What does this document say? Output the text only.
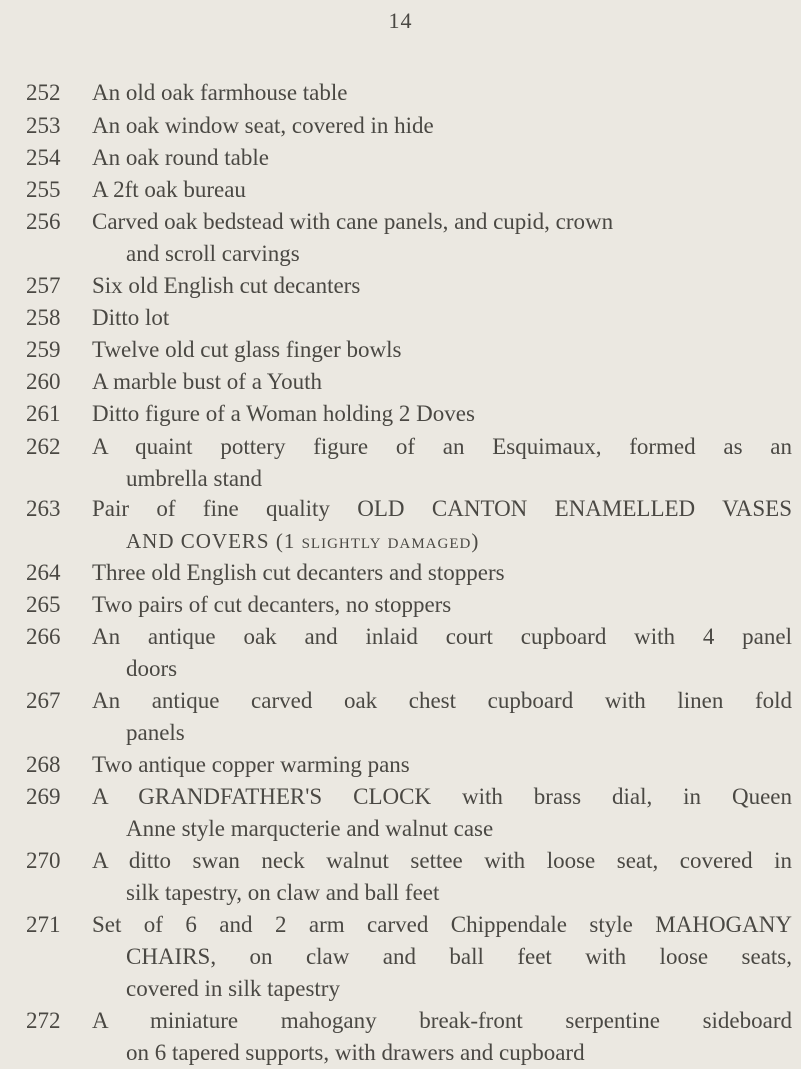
14
252	An old oak farmhouse table
253	An oak window seat, covered in hide
254	An oak round table
255	A 2ft oak bureau
256	Carved oak bedstead with cane panels, and cupid, crown
and scroll carvings
257	Six old English cut decanters
258	Ditto lot
259	Twelve old cut glass finger bowls
260	A marble bust of a Youth
261	Ditto figure of a Woman holding 2 Doves
262	A quaint pottery figure of an Esquimaux, formed as an
umbrella stand
263	Pair of fine quality OLD CANTON ENAMELLED VASES
AND COVERS (1 slightly damaged)
264	Three old English cut decanters and stoppers
265	Two pairs of cut decanters, no stoppers
266	An antique oak and inlaid court cupboard with 4 panel
doors
267	An antique carved oak chest cupboard with linen fold
panels
268	Two antique copper warming pans
269	A GRANDFATHER'S CLOCK with brass dial, in Queen
Anne style marqucterie and walnut case
270	A ditto swan neck walnut settee with loose seat, covered in
silk tapestry, on claw and ball feet
271	Set of 6 and 2 arm carved Chippendale style MAHOGANY
CHAIRS, on claw and ball feet with loose seats,
covered in silk tapestry
272	A miniature mahogany break-front serpentine sideboard
on 6 tapered supports, with drawers and cupboard
